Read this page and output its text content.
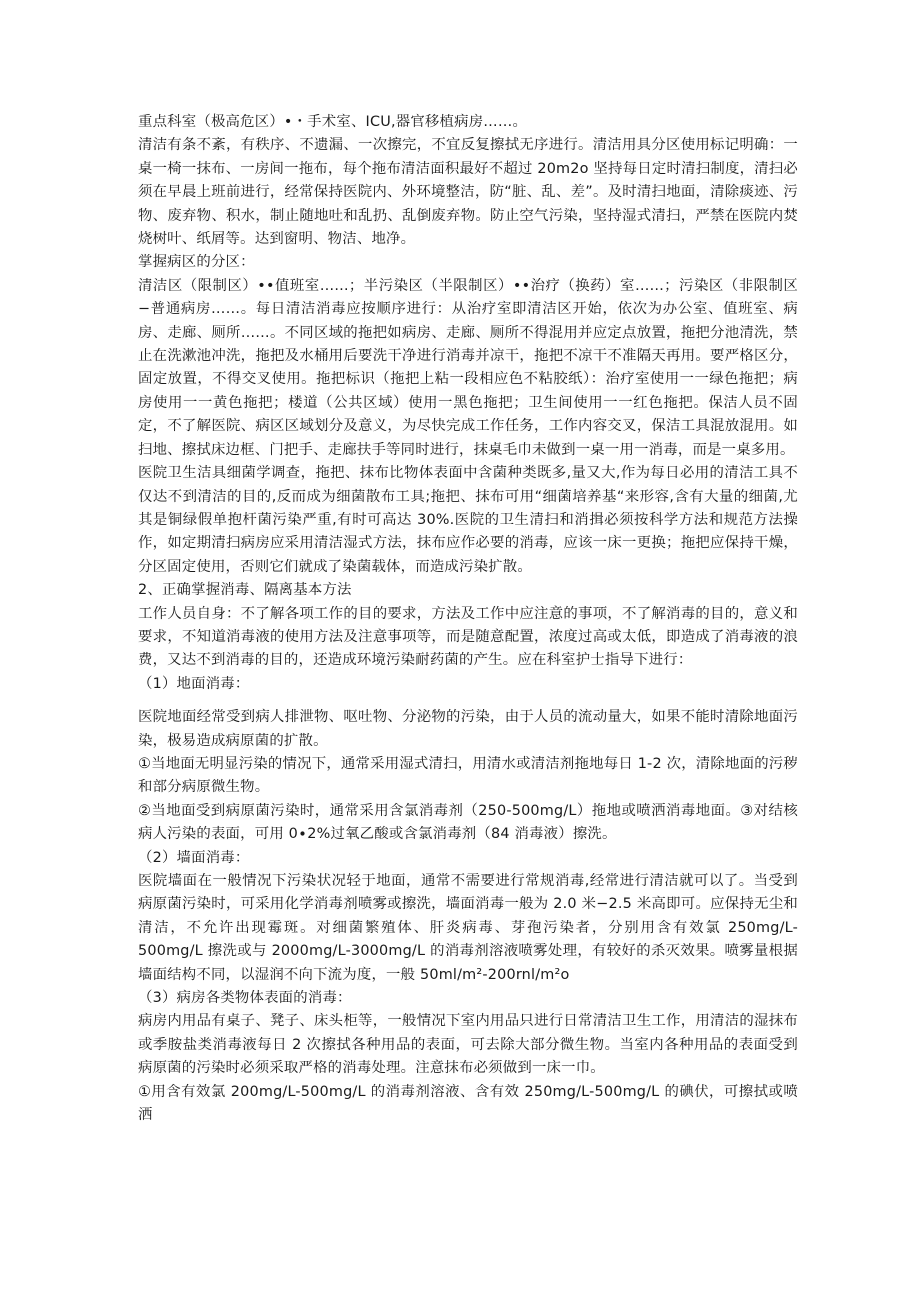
重点科室（极高危区）•・手术室、ICU,器官移植病房……。

清洁有条不紊，有秩序、不遗漏、一次擦完，不宜反复擦拭无序进行。清洁用具分区使用标记明确：一桌一椅一抹布、一房间一拖布，每个拖布清洁面积最好不超过 20m2o 坚持每日定时清扫制度，清扫必须在早晨上班前进行，经常保持医院内、外环境整洁，防“脏、乱、差”。及时清扫地面，清除痰迹、污物、废弃物、积水，制止随地吐和乱扔、乱倒废弃物。防止空气污染，坚持湿式清扫，严禁在医院内焚烧树叶、纸屑等。达到窗明、物洁、地净。

掌握病区的分区：

清洁区（限制区）••值班室……；半污染区（半限制区）••治疗（换药）室……；污染区（非限制区−普通病房……。每日清洁消毒应按顺序进行：从治疗室即清洁区开始，依次为办公室、值班室、病房、走廊、厕所……。不同区域的拖把如病房、走廊、厕所不得混用并应定点放置，拖把分池清洗，禁止在洗漱池冲洗，拖把及水桶用后要洗干净进行消毒并凉干，拖把不凉干不准隔天再用。要严格区分，固定放置，不得交叉使用。拖把标识（拖把上粘一段相应色不粘胶纸）：治疗室使用一一绿色拖把；病房使用一一黄色拖把；楼道（公共区域）使用一黑色拖把；卫生间使用一一红色拖把。保洁人员不固定，不了解医院、病区区域划分及意义，为尽快完成工作任务，工作内容交叉，保洁工具混放混用。如扫地、擦拭床边框、门把手、走廊扶手等同时进行，抹桌毛巾未做到一桌一用一消毒，而是一桌多用。

医院卫生洁具细菌学调查，拖把、抹布比物体表面中含菌种类既多,量又大,作为每日必用的清洁工具不仅达不到清洁的目的,反而成为细菌散布工具;拖把、抹布可用“细菌培养基“来形容,含有大量的细菌,尤其是铜绿假单抱杆菌污染严重,有时可高达 30%.医院的卫生清扫和消揖必须按科学方法和规范方法操作，如定期清扫病房应采用清洁湿式方法，抹布应作必要的消毒，应该一床一更换；拖把应保持干燥，分区固定使用，否则它们就成了染菌载体，而造成污染扩散。

2、正确掌握消毒、隔离基本方法

工作人员自身：不了解各项工作的目的要求，方法及工作中应注意的事项，不了解消毒的目的，意义和要求，不知道消毒液的使用方法及注意事项等，而是随意配置，浓度过高或太低，即造成了消毒液的浪费，又达不到消毒的目的，还造成环境污染耐药菌的产生。应在科室护士指导下进行：

（1）地面消毒：

医院地面经常受到病人排泄物、呕吐物、分泌物的污染，由于人员的流动量大，如果不能时清除地面污染，极易造成病原菌的扩散。

①当地面无明显污染的情况下，通常采用湿式清扫，用清水或清洁剂拖地每日 1-2 次，清除地面的污秽和部分病原微生物。

②当地面受到病原菌污染时，通常采用含氯消毒剂（250-500mg∕L）拖地或喷洒消毒地面。③对结核病人污染的表面，可用 0∙2%过氧乙酸或含氯消毒剂（84 消毒液）擦洗。

（2）墙面消毒：

医院墙面在一般情况下污染状况轻于地面，通常不需要进行常规消毒,经常进行清洁就可以了。当受到病原菌污染时，可采用化学消毒剂喷雾或擦洗，墙面消毒一般为 2.0 米−2.5 米高即可。应保持无尘和清洁，不允许出现霉斑。对细菌繁殖体、肝炎病毒、芽孢污染者，分别用含有效氯 250mg∕L-500mg∕L 擦洗或与 2000mg∕L-3000mg∕L 的消毒剂溶液喷雾处理，有较好的杀灭效果。喷雾量根据墙面结构不同，以湿润不向下流为度，一般 50ml∕m²-200rnl∕m²o

（3）病房各类物体表面的消毒：

病房内用品有桌子、凳子、床头柜等，一般情况下室内用品只进行日常清洁卫生工作，用清洁的湿抹布或季胺盐类消毒液每日 2 次擦拭各种用品的表面，可去除大部分微生物。当室内各种用品的表面受到病原菌的污染时必须采取严格的消毒处理。注意抹布必须做到一床一巾。

①用含有效氯 200mg∕L-500mg∕L 的消毒剂溶液、含有效 250mg∕L-500mg∕L 的碘伏，可擦拭或喷洒
